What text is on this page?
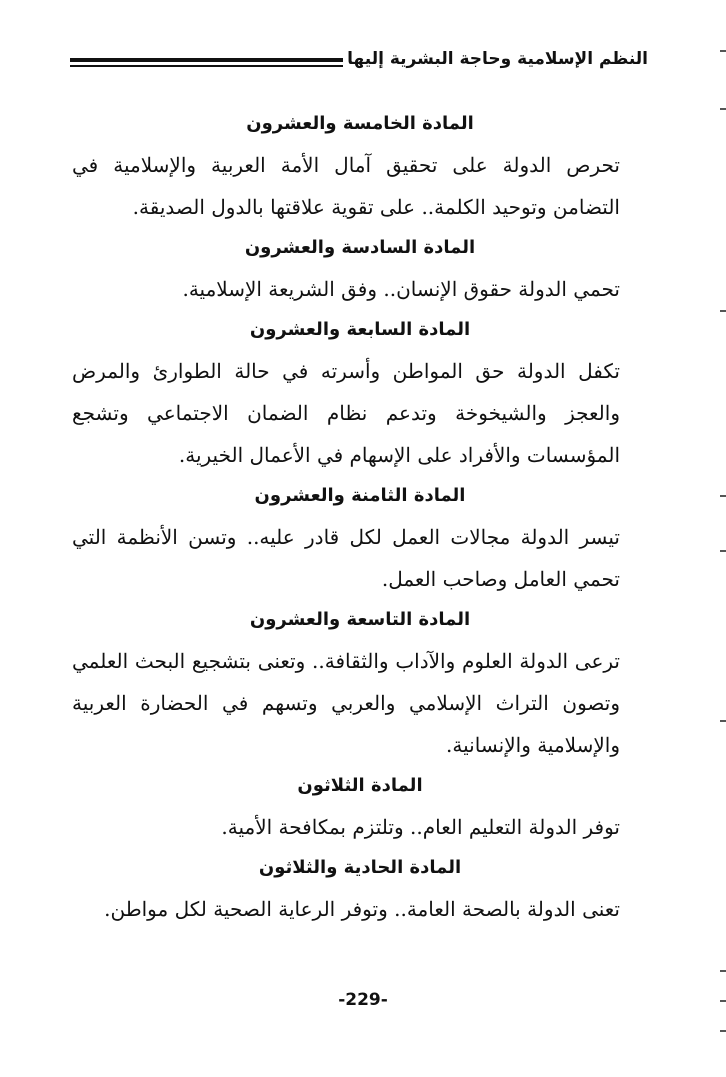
النظم الإسلامية وحاجة البشرية إليها
المادة الخامسة والعشرون

تحرص الدولة على تحقيق آمال الأمة العربية والإسلامية في التضامن وتوحيد الكلمة.. على تقوية علاقتها بالدول الصديقة.

المادة السادسة والعشرون

تحمي الدولة حقوق الإنسان.. وفق الشريعة الإسلامية.

المادة السابعة والعشرون

تكفل الدولة حق المواطن وأسرته في حالة الطوارئ والمرض والعجز والشيخوخة وتدعم نظام الضمان الاجتماعي وتشجع المؤسسات والأفراد على الإسهام في الأعمال الخيرية.

المادة الثامنة والعشرون

تيسر الدولة مجالات العمل لكل قادر عليه.. وتسن الأنظمة التي تحمي العامل وصاحب العمل.

المادة التاسعة والعشرون

ترعى الدولة العلوم والآداب والثقافة.. وتعنى بتشجيع البحث العلمي وتصون التراث الإسلامي والعربي وتسهم في الحضارة العربية والإسلامية والإنسانية.

المادة الثلاثون

توفر الدولة التعليم العام.. وتلتزم بمكافحة الأمية.

المادة الحادية والثلاثون

تعنى الدولة بالصحة العامة.. وتوفر الرعاية الصحية لكل مواطن.

-229-
